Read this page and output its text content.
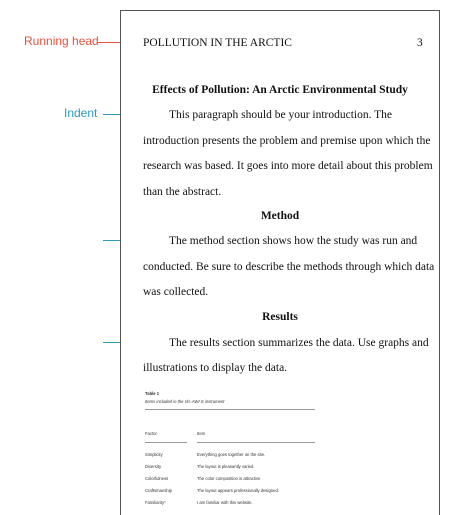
Running head
Indent
POLLUTION IN THE ARCTIC	3
Effects of Pollution: An Arctic Environmental Study
This paragraph should be your introduction. The
introduction presents the problem and premise upon which the
research was based. It goes into more detail about this problem
than the abstract.
Method
The method section shows how the study was run and
conducted. Be sure to describe the methods through which data
was collected.
Results
The results section summarizes the data. Use graphs and
illustrations to display the data.
Table 1
Items included in the Vis-AWI-S instrument
Factor	Item
Simplicity	Everything goes together on the site.
Diversity	The layout is pleasantly varied.
Colorfulness	The color composition is attractive
Craftsmanship	The layout appears professionally designed.
Familiarity*	I am familiar with this website.
